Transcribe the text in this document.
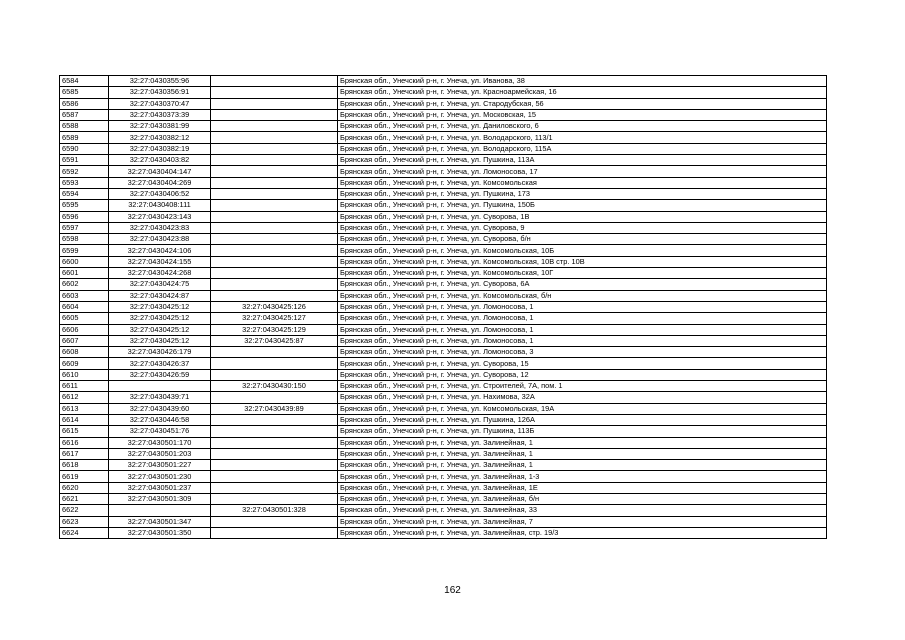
6584	32:27:0430355:96		Брянская обл., Унечский р-н, г. Унеча, ул. Иванова, 38
6585	32:27:0430356:91		Брянская обл., Унечский р-н, г. Унеча, ул. Красноармейская, 16
6586	32:27:0430370:47		Брянская обл., Унечский р-н, г. Унеча, ул. Стародубская, 56
6587	32:27:0430373:39		Брянская обл., Унечский р-н, г. Унеча, ул. Московская, 15
6588	32:27:0430381:99		Брянская обл., Унечский р-н, г. Унеча, ул. Даниловского, 6
6589	32:27:0430382:12		Брянская обл., Унечский р-н, г. Унеча, ул. Володарского, 113/1
6590	32:27:0430382:19		Брянская обл., Унечский р-н, г. Унеча, ул. Володарского, 115А
6591	32:27:0430403:82		Брянская обл., Унечский р-н, г. Унеча, ул. Пушкина, 113А
6592	32:27:0430404:147		Брянская обл., Унечский р-н, г. Унеча, ул. Ломоносова, 17
6593	32:27:0430404:269		Брянская обл., Унечский р-н, г. Унеча, ул. Комсомольская
6594	32:27:0430406:52		Брянская обл., Унечский р-н, г. Унеча, ул. Пушкина, 173
6595	32:27:0430408:111		Брянская обл., Унечский р-н, г. Унеча, ул. Пушкина, 150Б
6596	32:27:0430423:143		Брянская обл., Унечский р-н, г. Унеча, ул. Суворова, 1В
6597	32:27:0430423:83		Брянская обл., Унечский р-н, г. Унеча, ул. Суворова, 9
6598	32:27:0430423:88		Брянская обл., Унечский р-н, г. Унеча, ул. Суворова, б/н
6599	32:27:0430424:106		Брянская обл., Унечский р-н, г. Унеча, ул. Комсомольская, 10Б
6600	32:27:0430424:155		Брянская обл., Унечский р-н, г. Унеча, ул. Комсомольская, 10В стр. 10В
6601	32:27:0430424:268		Брянская обл., Унечский р-н, г. Унеча, ул. Комсомольская, 10Г
6602	32:27:0430424:75		Брянская обл., Унечский р-н, г. Унеча, ул. Суворова, 6А
6603	32:27:0430424:87		Брянская обл., Унечский р-н, г. Унеча, ул. Комсомольская, б/н
6604	32:27:0430425:12	32:27:0430425:126	Брянская обл., Унечский р-н, г. Унеча, ул. Ломоносова, 1
6605	32:27:0430425:12	32:27:0430425:127	Брянская обл., Унечский р-н, г. Унеча, ул. Ломоносова, 1
6606	32:27:0430425:12	32:27:0430425:129	Брянская обл., Унечский р-н, г. Унеча, ул. Ломоносова, 1
6607	32:27:0430425:12	32:27:0430425:87	Брянская обл., Унечский р-н, г. Унеча, ул. Ломоносова, 1
6608	32:27:0430426:179		Брянская обл., Унечский р-н, г. Унеча, ул. Ломоносова, 3
6609	32:27:0430426:37		Брянская обл., Унечский р-н, г. Унеча, ул. Суворова, 15
6610	32:27:0430426:59		Брянская обл., Унечский р-н, г. Унеча, ул. Суворова, 12
6611		32:27:0430430:150	Брянская обл., Унечский р-н, г. Унеча, ул. Строителей, 7А, пом. 1
6612	32:27:0430439:71		Брянская обл., Унечский р-н, г. Унеча, ул. Нахимова, 32А
6613	32:27:0430439:60	32:27:0430439:89	Брянская обл., Унечский р-н, г. Унеча, ул. Комсомольская, 19А
6614	32:27:0430446:58		Брянская обл., Унечский р-н, г. Унеча, ул. Пушкина, 126А
6615	32:27:0430451:76		Брянская обл., Унечский р-н, г. Унеча, ул. Пушкина, 113Б
6616	32:27:0430501:170		Брянская обл., Унечский р-н, г. Унеча, ул. Залинейная, 1
6617	32:27:0430501:203		Брянская обл., Унечский р-н, г. Унеча, ул. Залинейная, 1
6618	32:27:0430501:227		Брянская обл., Унечский р-н, г. Унеча, ул. Залинейная, 1
6619	32:27:0430501:230		Брянская обл., Унечский р-н, г. Унеча, ул. Залинейная, 1-3
6620	32:27:0430501:237		Брянская обл., Унечский р-н, г. Унеча, ул. Залинейная, 1Е
6621	32:27:0430501:309		Брянская обл., Унечский р-н, г. Унеча, ул. Залинейная, б/н
6622		32:27:0430501:328	Брянская обл., Унечский р-н, г. Унеча, ул. Залинейная, 33
6623	32:27:0430501:347		Брянская обл., Унечский р-н, г. Унеча, ул. Залинейная, 7
6624	32:27:0430501:350		Брянская обл., Унечский р-н, г. Унеча, ул. Залинейная, стр. 19/3
162
